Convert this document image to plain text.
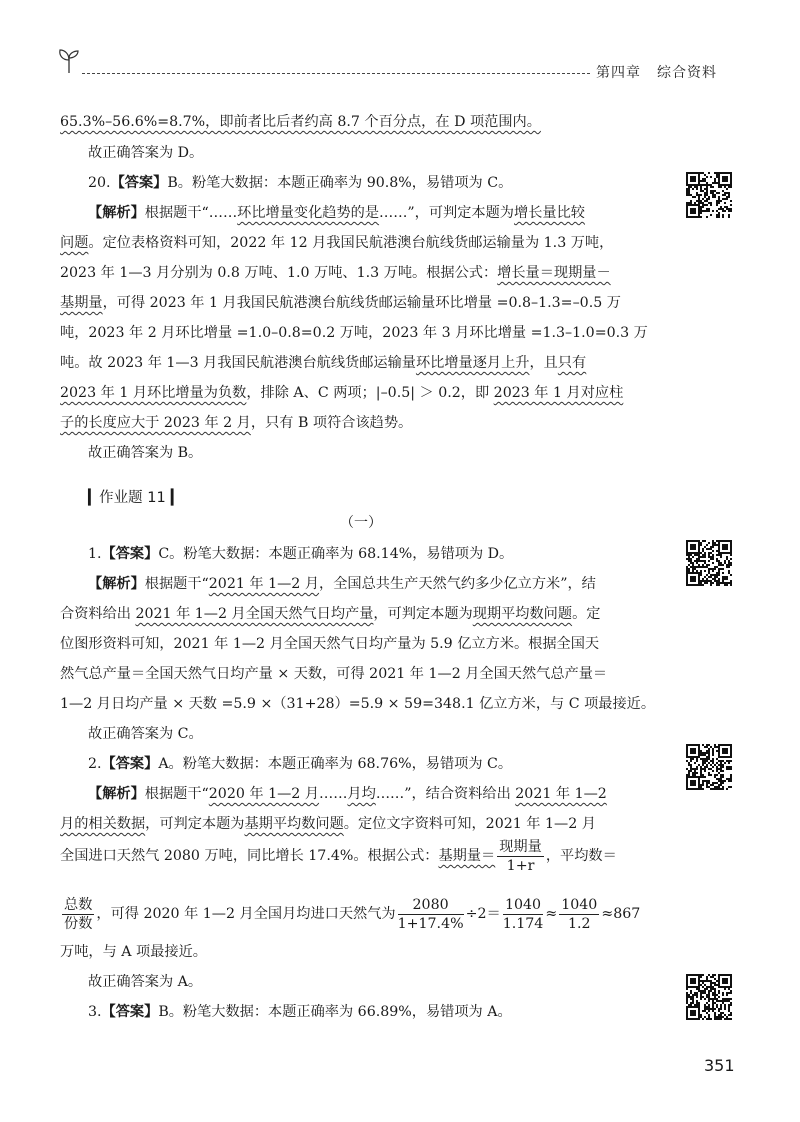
第四章 综合资料
65.3%–56.6%=8.7%，即前者比后者约高 8.7 个百分点，在 D 项范围内。
故正确答案为 D。
20.【答案】B。粉笔大数据：本题正确率为 90.8%，易错项为 C。
【解析】根据题干“……环比增量变化趋势的是……”，可判定本题为增长量比较
问题。定位表格资料可知，2022 年 12 月我国民航港澳台航线货邮运输量为 1.3 万吨，
2023 年 1—3 月分别为 0.8 万吨、1.0 万吨、1.3 万吨。根据公式：增长量＝现期量－
基期量，可得 2023 年 1 月我国民航港澳台航线货邮运输量环比增量 =0.8–1.3=–0.5 万
吨，2023 年 2 月环比增量 =1.0–0.8=0.2 万吨，2023 年 3 月环比增量 =1.3–1.0=0.3 万
吨。故 2023 年 1—3 月我国民航港澳台航线货邮运输量环比增量逐月上升，且只有
2023 年 1 月环比增量为负数，排除 A、C 两项；|–0.5| ＞ 0.2，即 2023 年 1 月对应柱
子的长度应大于 2023 年 2 月，只有 B 项符合该趋势。
故正确答案为 B。
▎作业题 11 ▎
（一）
1.【答案】C。粉笔大数据：本题正确率为 68.14%，易错项为 D。
【解析】根据题干“2021 年 1—2 月，全国总共生产天然气约多少亿立方米”，结
合资料给出 2021 年 1—2 月全国天然气日均产量，可判定本题为现期平均数问题。定
位图形资料可知，2021 年 1—2 月全国天然气日均产量为 5.9 亿立方米。根据全国天
然气总产量＝全国天然气日均产量 × 天数，可得 2021 年 1—2 月全国天然气总产量＝
1—2 月日均产量 × 天数 =5.9 ×（31+28）=5.9 × 59=348.1 亿立方米，与 C 项最接近。
故正确答案为 C。
2.【答案】A。粉笔大数据：本题正确率为 68.76%，易错项为 C。
【解析】根据题干“2020 年 1—2 月……月均……”，结合资料给出 2021 年 1—2
月的相关数据，可判定本题为基期平均数问题。定位文字资料可知，2021 年 1—2 月
全国进口天然气 2080 万吨，同比增长 17.4%。根据公式：基期量＝ $\frac{\text{现期量}}{1+r}$ ，平均数＝
$\frac{\text{总数}}{\text{份数}}$ ，可得 2020 年 1—2 月全国月均进口天然气为 $\frac{2080}{1+17.4\%} \div 2= \frac{1040}{1.174} \approx \frac{1040}{1.2} \approx 867$
万吨，与 A 项最接近。
故正确答案为 A。
3.【答案】B。粉笔大数据：本题正确率为 66.89%，易错项为 A。
351
